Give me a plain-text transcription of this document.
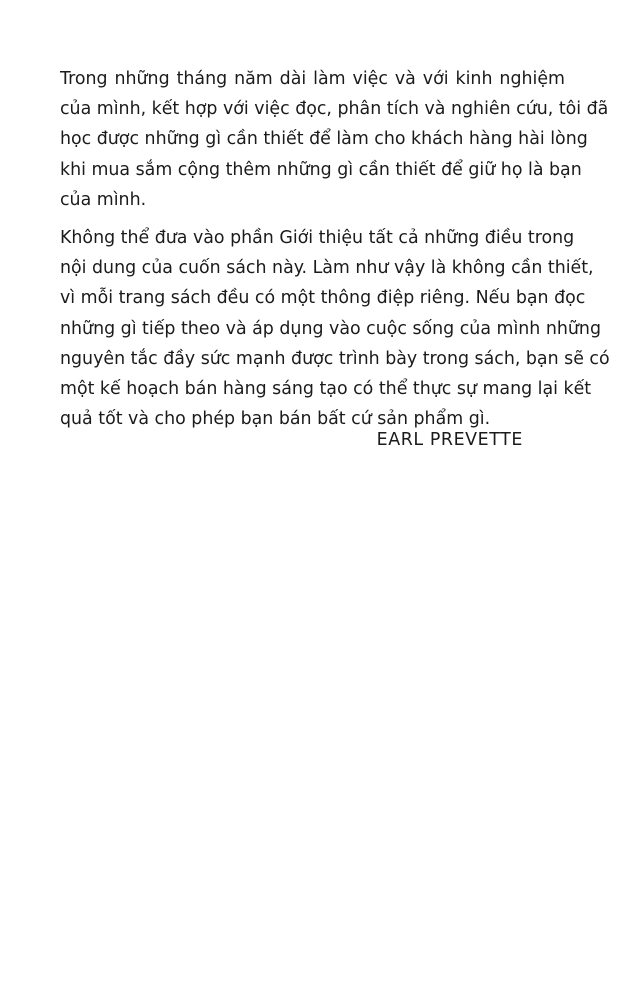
Trong những tháng năm dài làm việc và với kinh nghiệm
của mình, kết hợp với việc đọc, phân tích và nghiên cứu, tôi đã
học được những gì cần thiết để làm cho khách hàng hài lòng
khi mua sắm cộng thêm những gì cần thiết để giữ họ là bạn
của mình.

Không thể đưa vào phần Giới thiệu tất cả những điều trong
nội dung của cuốn sách này. Làm như vậy là không cần thiết,
vì mỗi trang sách đều có một thông điệp riêng. Nếu bạn đọc
những gì tiếp theo và áp dụng vào cuộc sống của mình những
nguyên tắc đầy sức mạnh được trình bày trong sách, bạn sẽ có
một kế hoạch bán hàng sáng tạo có thể thực sự mang lại kết
quả tốt và cho phép bạn bán bất cứ sản phẩm gì.

EARL PREVETTE
